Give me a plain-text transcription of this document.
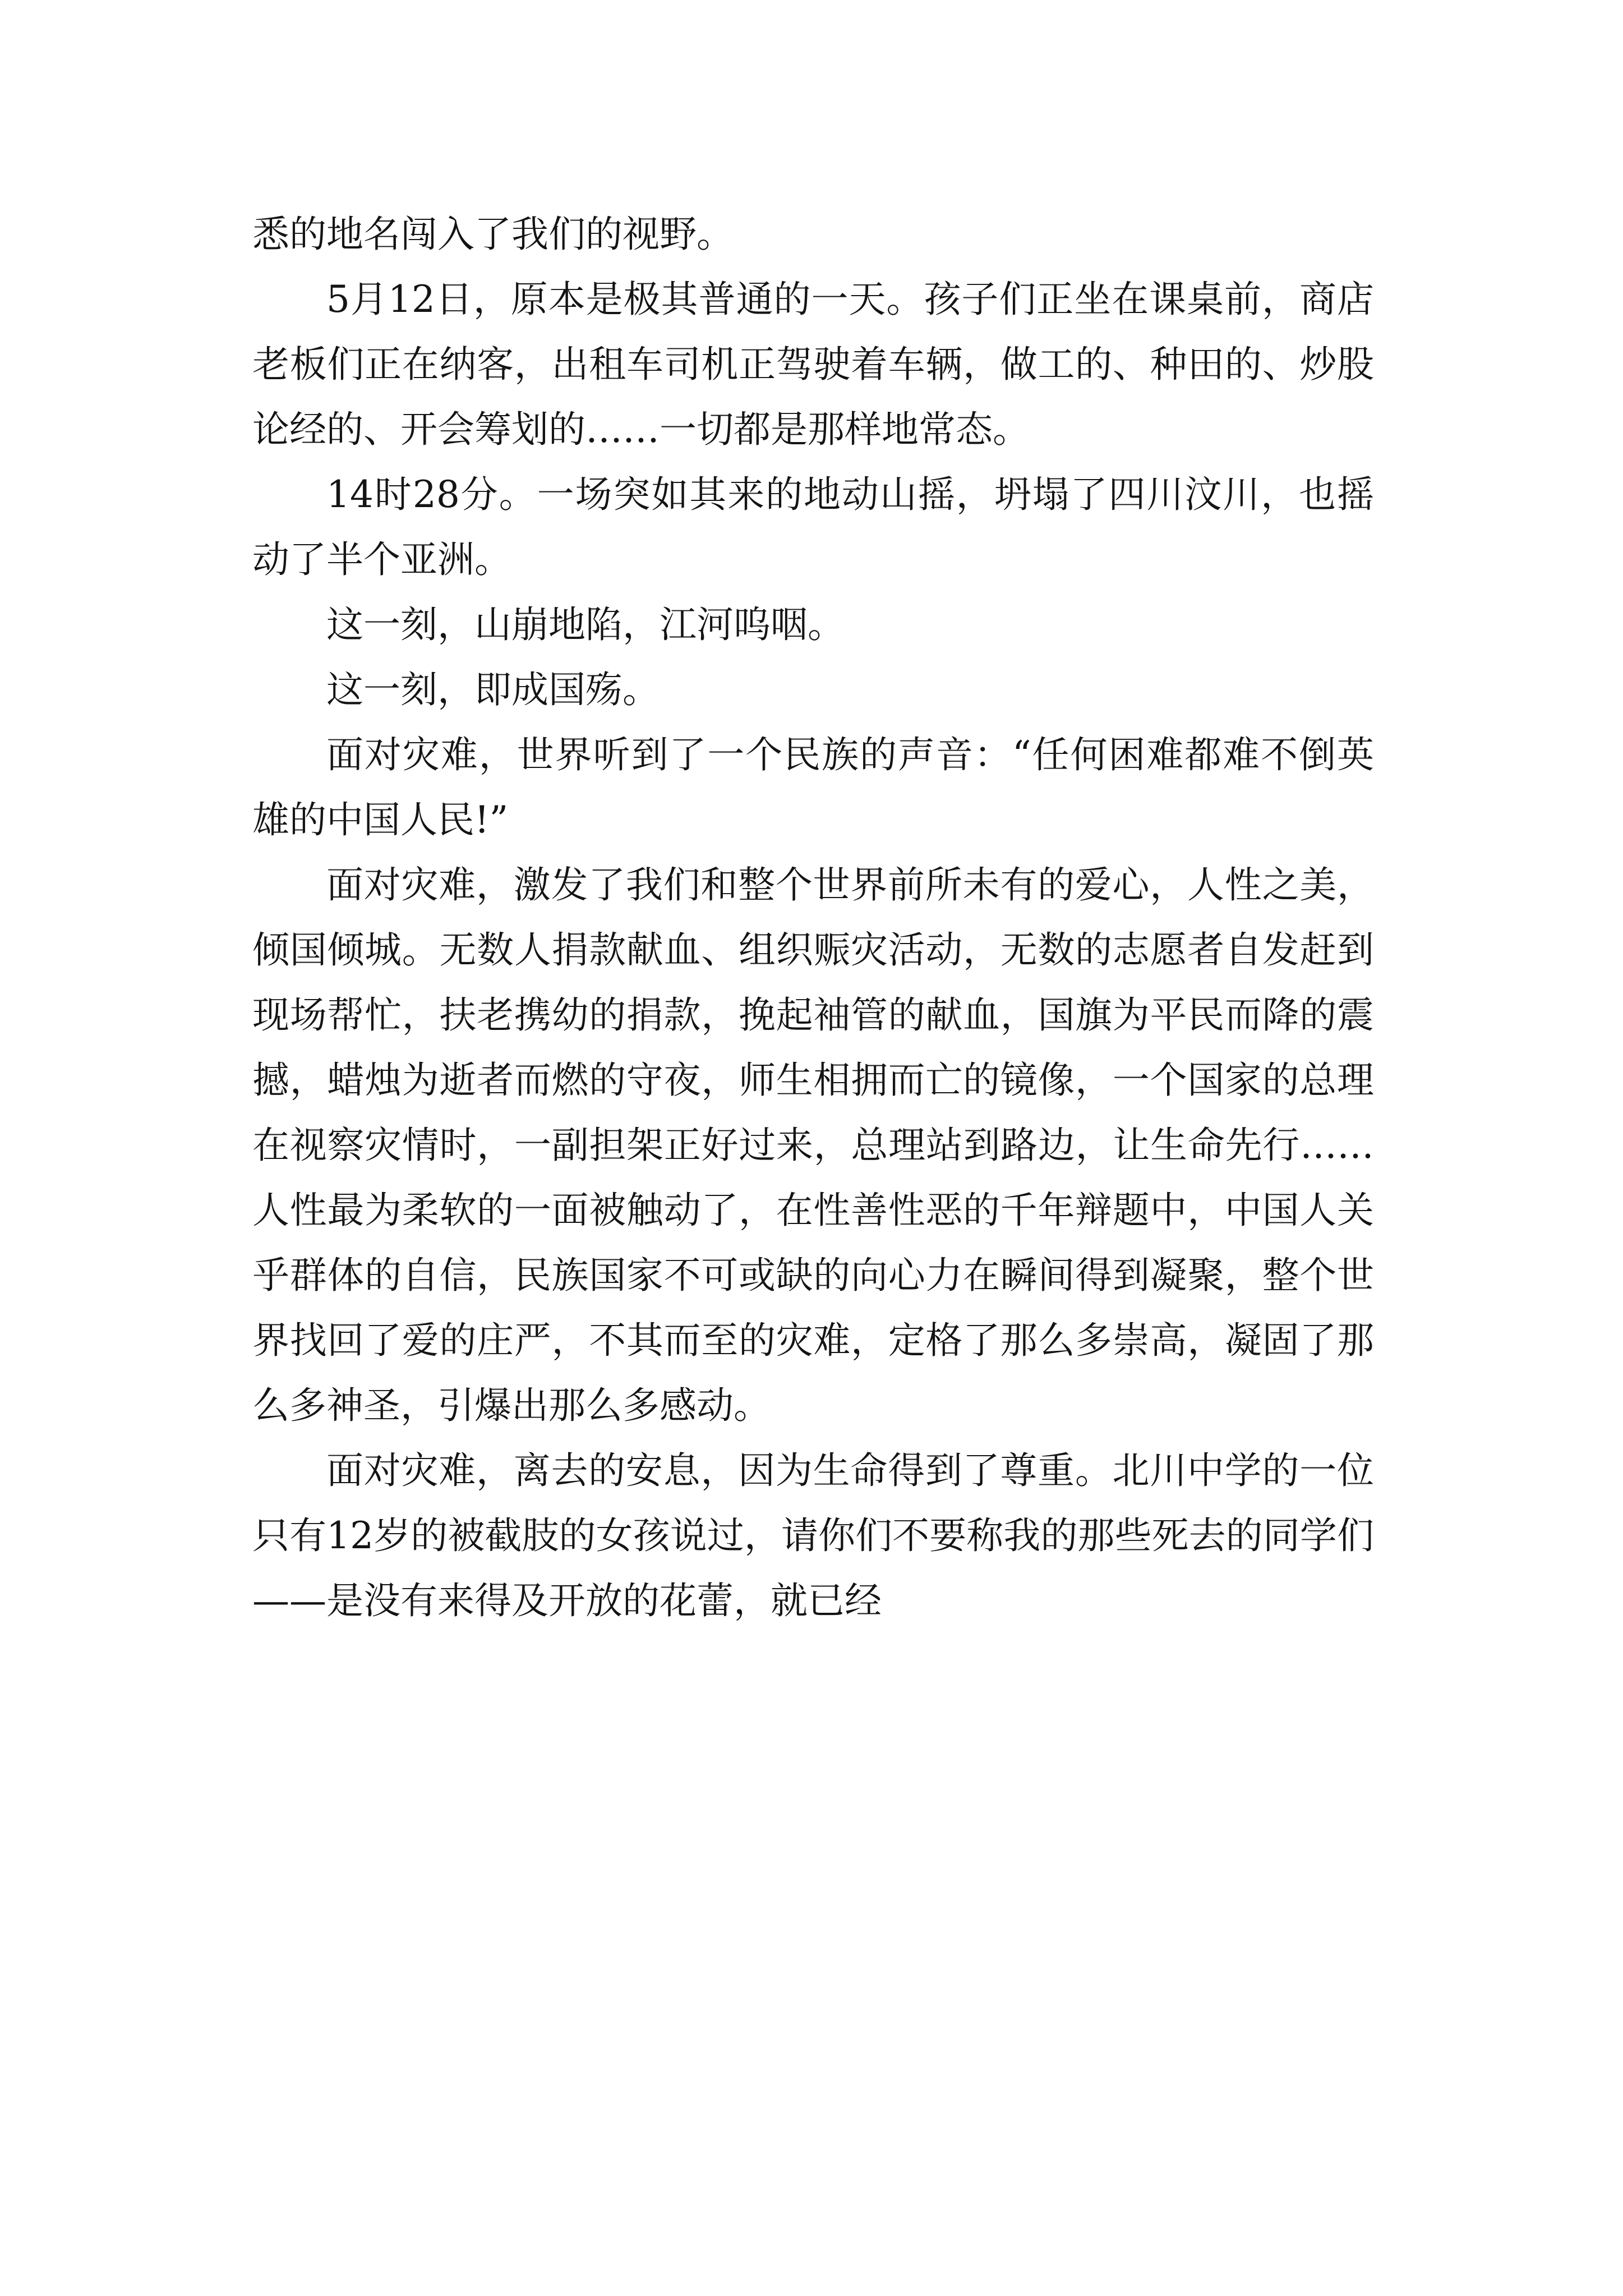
悉的地名闯入了我们的视野。

5月12日，原本是极其普通的一天。孩子们正坐在课桌前，商店老板们正在纳客，出租车司机正驾驶着车辆，做工的、种田的、炒股论经的、开会筹划的……一切都是那样地常态。

14时28分。一场突如其来的地动山摇，坍塌了四川汶川，也摇动了半个亚洲。

这一刻，山崩地陷，江河呜咽。

这一刻，即成国殇。

面对灾难，世界听到了一个民族的声音：“任何困难都难不倒英雄的中国人民!”

面对灾难，激发了我们和整个世界前所未有的爱心，人性之美，倾国倾城。无数人捐款献血、组织赈灾活动，无数的志愿者自发赶到现场帮忙，扶老携幼的捐款，挽起袖管的献血，国旗为平民而降的震撼，蜡烛为逝者而燃的守夜，师生相拥而亡的镜像，一个国家的总理在视察灾情时，一副担架正好过来，总理站到路边，让生命先行……人性最为柔软的一面被触动了，在性善性恶的千年辩题中，中国人关乎群体的自信，民族国家不可或缺的向心力在瞬间得到凝聚，整个世界找回了爱的庄严，不其而至的灾难，定格了那么多崇高，凝固了那么多神圣，引爆出那么多感动。

面对灾难，离去的安息，因为生命得到了尊重。北川中学的一位只有12岁的被截肢的女孩说过，请你们不要称我的那些死去的同学们——是没有来得及开放的花蕾，就已经
